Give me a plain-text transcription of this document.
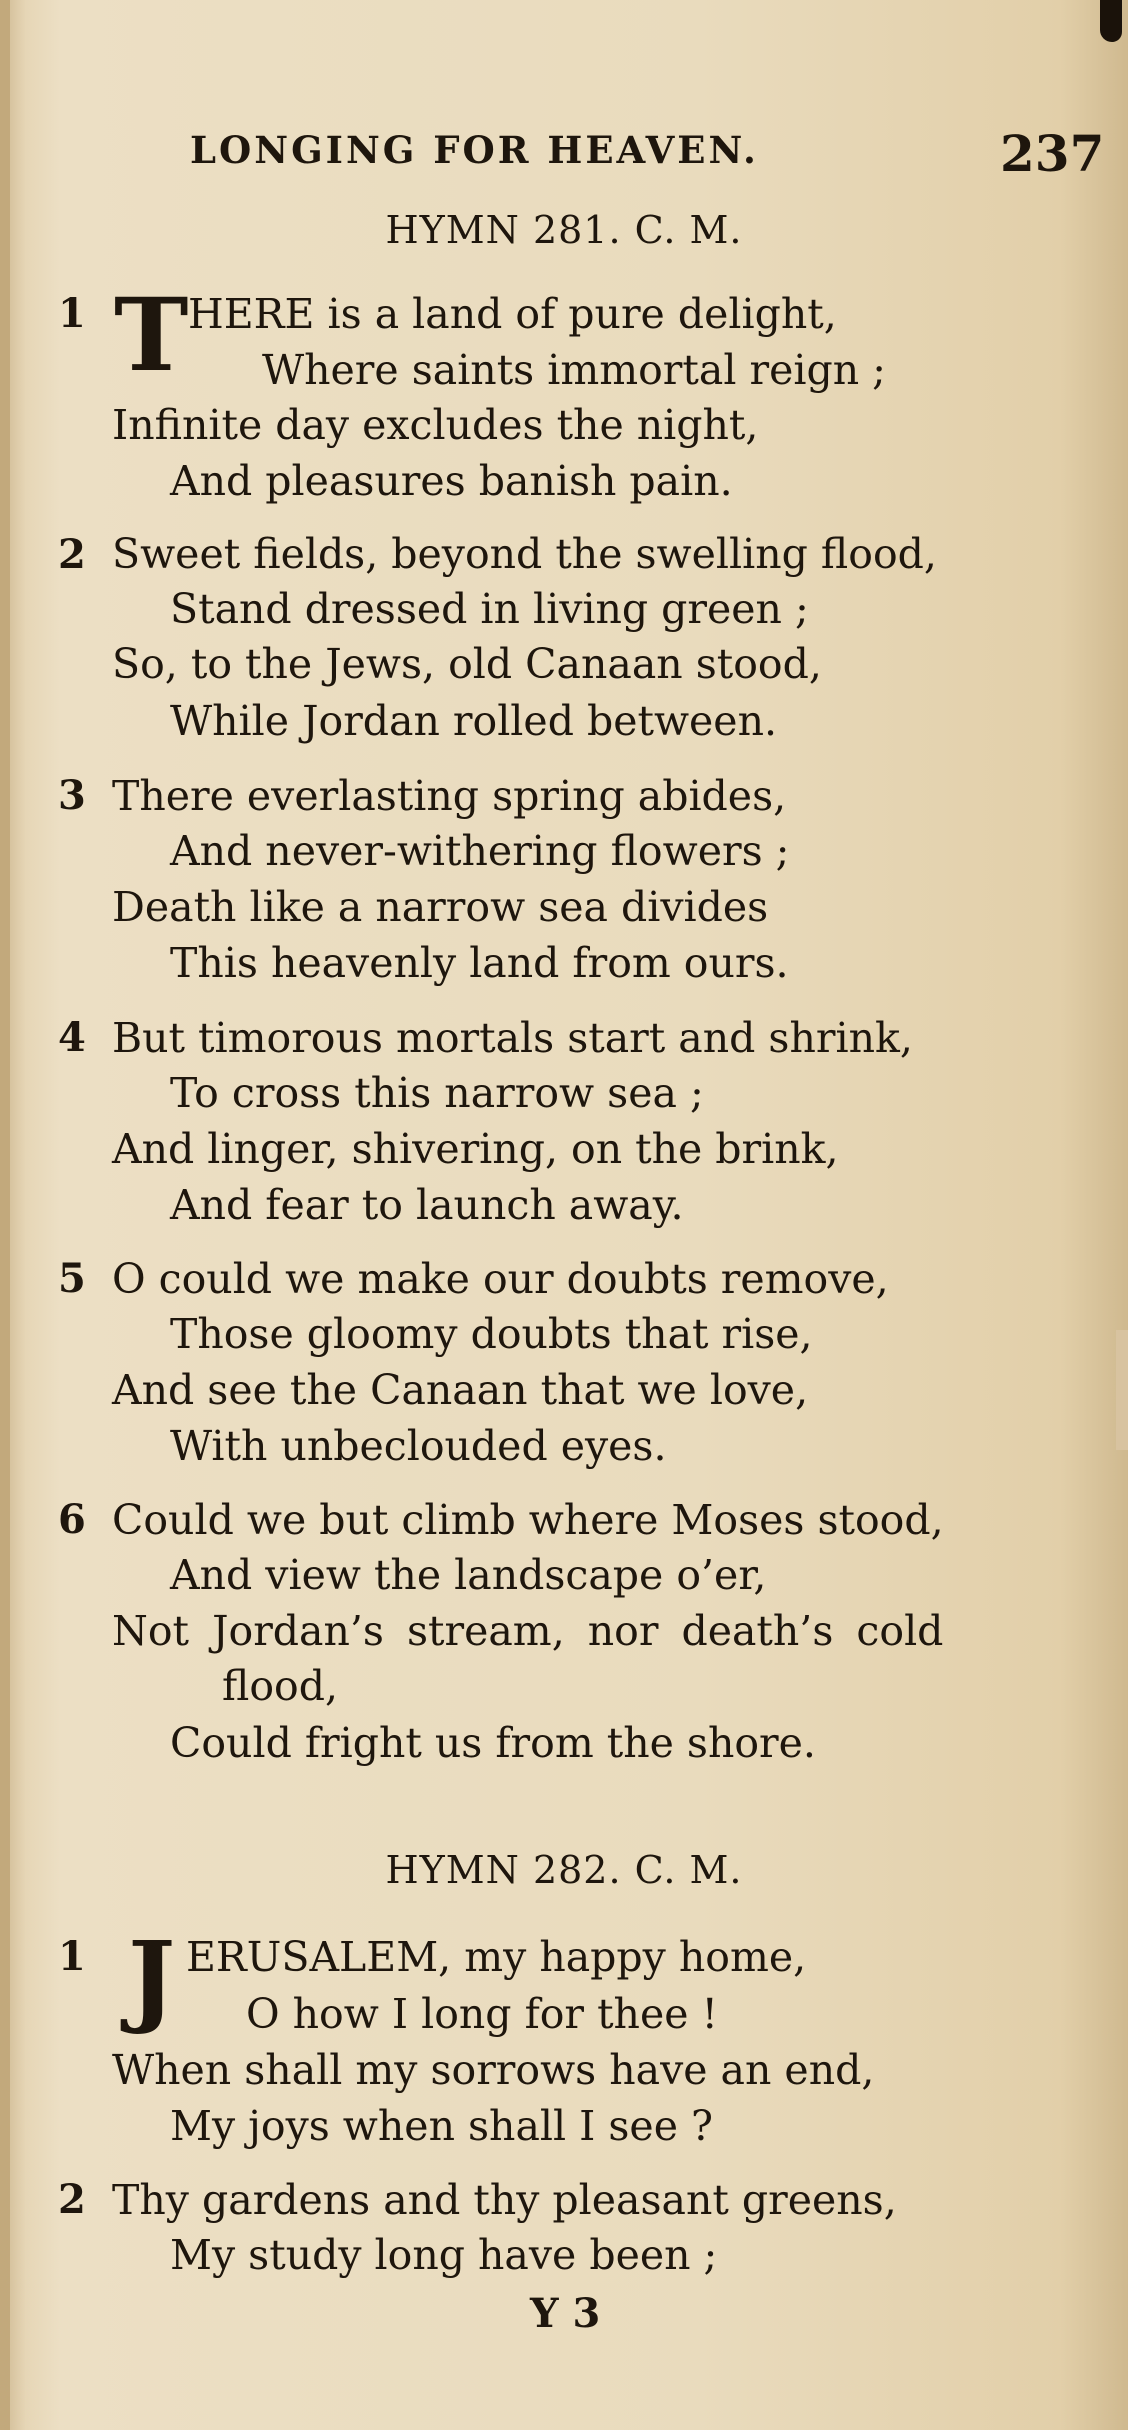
LONGING FOR HEAVEN.	237
HYMN 281. C. M.
1 T HERE is a land of pure delight,
Where saints immortal reign ;
Infinite day excludes the night,
And pleasures banish pain.
2 Sweet fields, beyond the swelling flood,
Stand dressed in living green ;
So, to the Jews, old Canaan stood,
While Jordan rolled between.
3 There everlasting spring abides,
And never-withering flowers ;
Death like a narrow sea divides
This heavenly land from ours.
4 But timorous mortals start and shrink,
To cross this narrow sea ;
And linger, shivering, on the brink,
And fear to launch away.
5 O could we make our doubts remove,
Those gloomy doubts that rise,
And see the Canaan that we love,
With unbeclouded eyes.
6 Could we but climb where Moses stood,
And view the landscape o’er,
Not Jordan’s stream, nor death’s cold
flood,
Could fright us from the shore.
HYMN 282. C. M.
1 J ERUSALEM, my happy home,
O how I long for thee !
When shall my sorrows have an end,
My joys when shall I see ?
2 Thy gardens and thy pleasant greens,
My study long have been ;
Y 3
